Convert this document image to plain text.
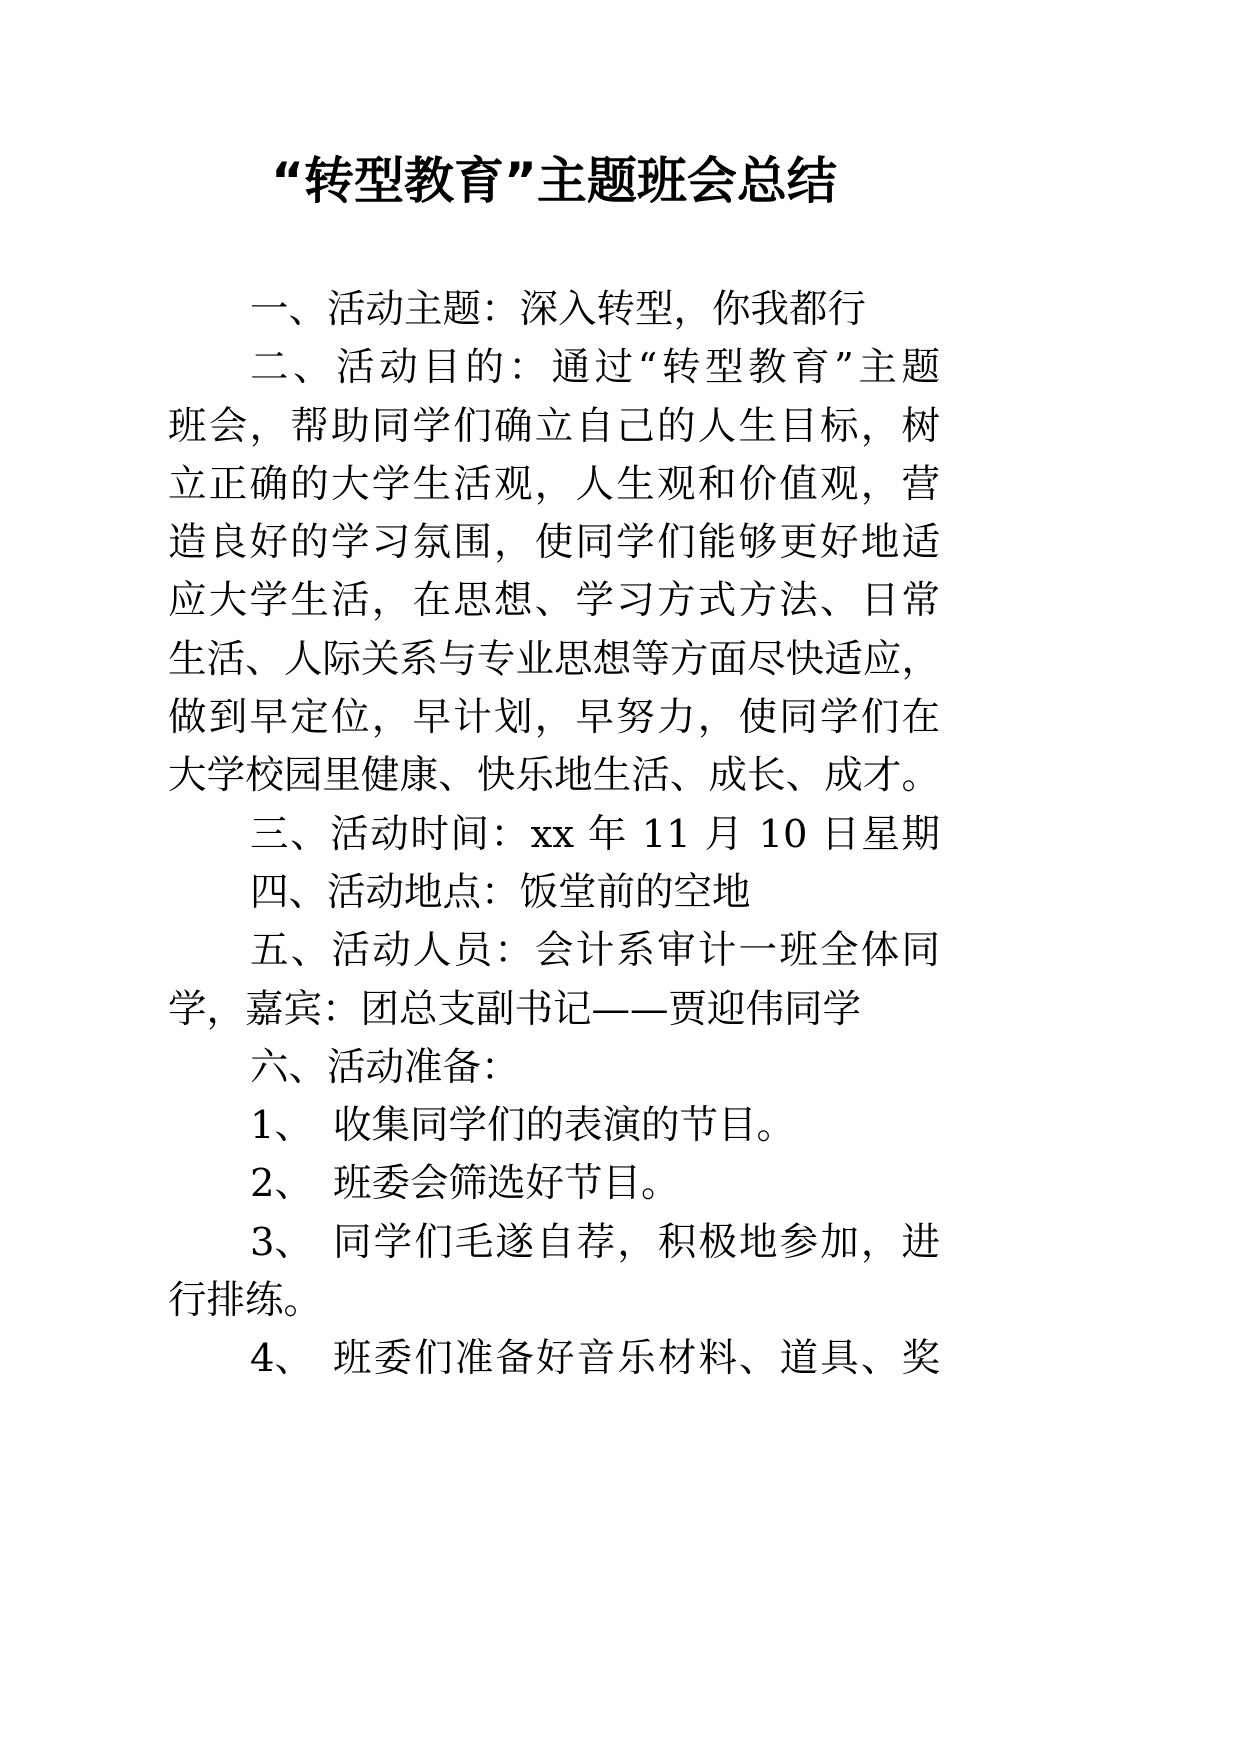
“转型教育”主题班会总结
一、活动主题：深入转型，你我都行
二、活动目的：通过“转型教育”主题
班会，帮助同学们确立自己的人生目标，树
立正确的大学生活观，人生观和价值观，营
造良好的学习氛围，使同学们能够更好地适
应大学生活，在思想、学习方式方法、日常
生活、人际关系与专业思想等方面尽快适应，
做到早定位，早计划，早努力，使同学们在
大学校园里健康、快乐地生活、成长、成才。
三、活动时间：xx 年 11 月 10 日星期
四、活动地点：饭堂前的空地
五、活动人员：会计系审计一班全体同
学，嘉宾：团总支副书记——贾迎伟同学
六、活动准备：
1、 收集同学们的表演的节目。
2、 班委会筛选好节目。
3、 同学们毛遂自荐，积极地参加，进
行排练。
4、 班委们准备好音乐材料、道具、奖
